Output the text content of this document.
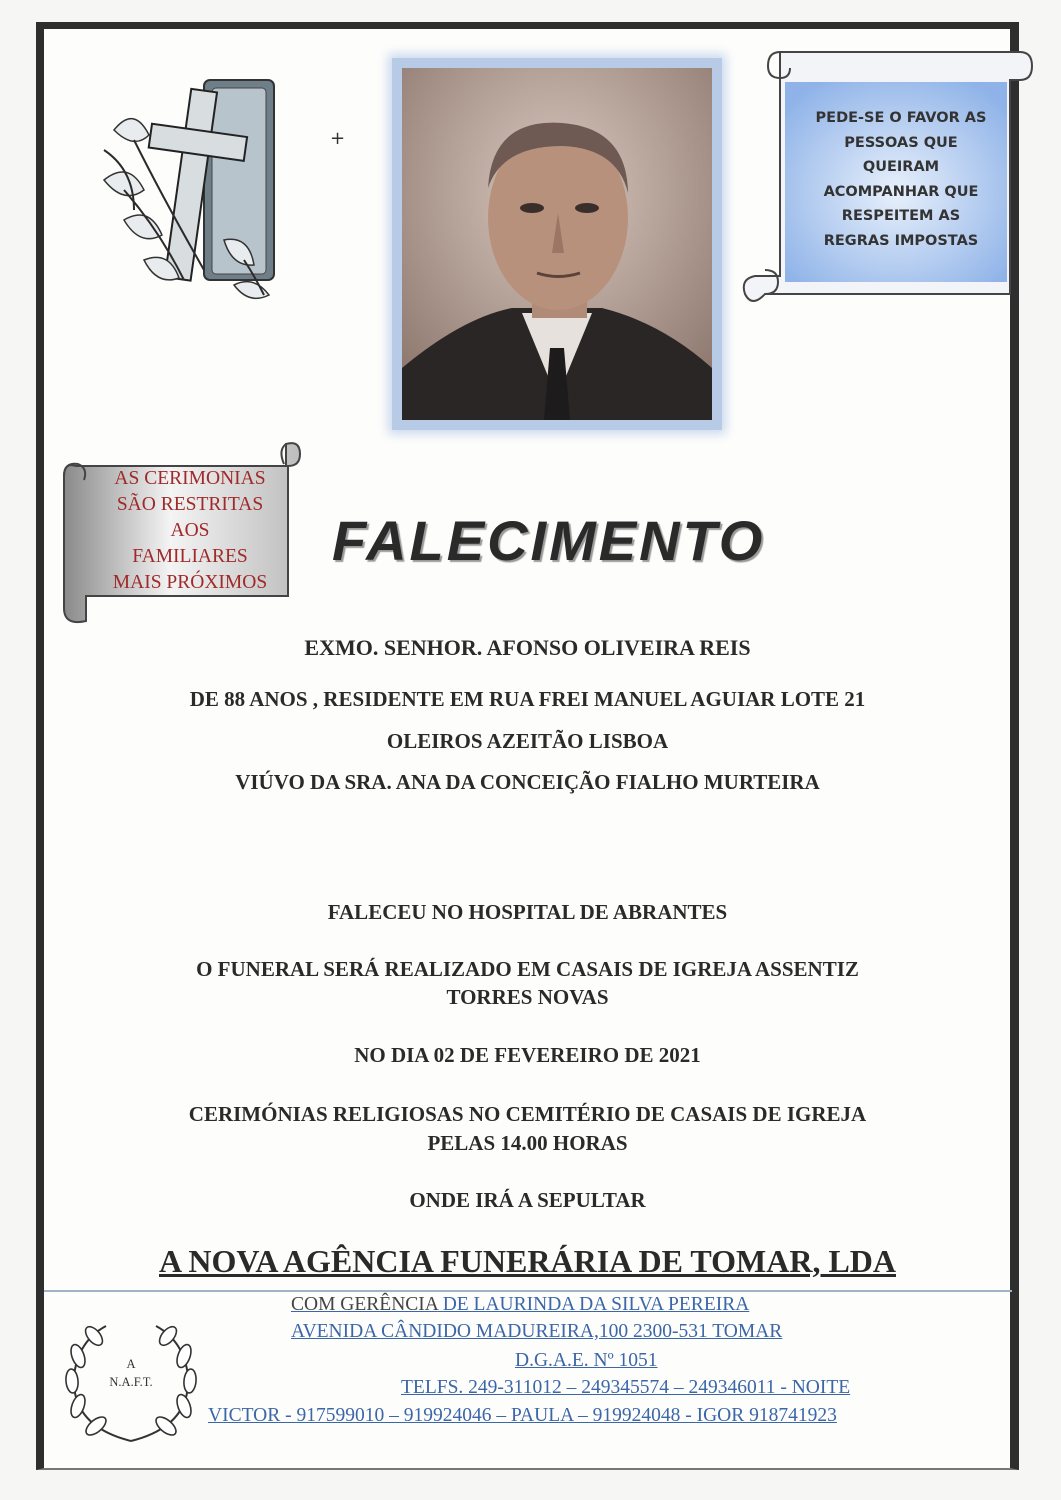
+
PEDE-SE O FAVOR AS
PESSOAS QUE
QUEIRAM
ACOMPANHAR QUE
RESPEITEM AS
REGRAS IMPOSTAS
AS CERIMONIAS
SÃO RESTRITAS
AOS
FAMILIARES
MAIS PRÓXIMOS
FALECIMENTO
EXMO. SENHOR. AFONSO OLIVEIRA REIS
DE 88 ANOS , RESIDENTE EM RUA FREI MANUEL AGUIAR LOTE 21
OLEIROS AZEITÃO LISBOA
VIÚVO DA SRA. ANA DA CONCEIÇÃO FIALHO MURTEIRA
FALECEU NO HOSPITAL DE ABRANTES
O FUNERAL SERÁ REALIZADO EM CASAIS DE IGREJA ASSENTIZ
TORRES NOVAS
NO DIA 02 DE FEVEREIRO DE 2021
CERIMÓNIAS RELIGIOSAS NO CEMITÉRIO DE CASAIS DE IGREJA
PELAS 14.00 HORAS
ONDE IRÁ A SEPULTAR
A NOVA AGÊNCIA FUNERÁRIA DE TOMAR, LDA
A
N.A.F.T.
COM GERÊNCIA DE LAURINDA DA SILVA PEREIRA
AVENIDA CÂNDIDO MADUREIRA,100 2300-531 TOMAR
D.G.A.E. Nº 1051
TELFS. 249-311012 – 249345574 – 249346011 - NOITE
VICTOR - 917599010 – 919924046 – PAULA – 919924048 - IGOR 918741923
